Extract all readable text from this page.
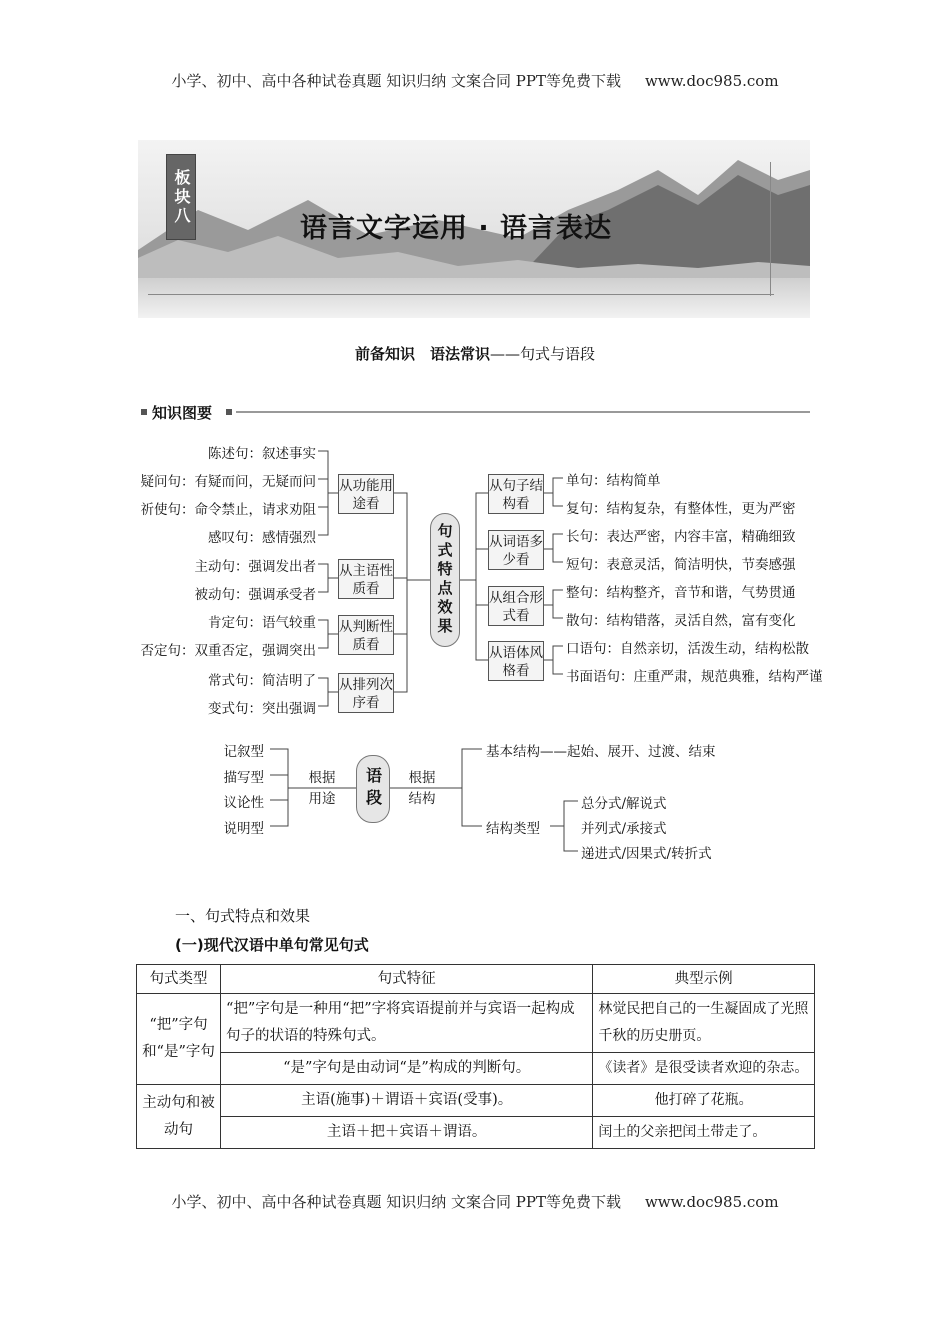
小学、初中、高中各种试卷真题 知识归纳 文案合同 PPT等免费下载 www.doc985.com
板块八
语言文字运用 · 语言表达
前备知识　语法常识——句式与语段
知识图要
陈述句：叙述事实
疑问句：有疑而问，无疑而问
祈使句：命令禁止，请求劝阻
感叹句：感情强烈
主动句：强调发出者
被动句：强调承受者
肯定句：语气较重
否定句：双重否定，强调突出
常式句：简洁明了
变式句：突出强调
从功能用途看
从主语性质看
从判断性质看
从排列次序看
句式特点效果
从句子结构看
从词语多少看
从组合形式看
从语体风格看
单句：结构简单
复句：结构复杂，有整体性，更为严密
长句：表达严密，内容丰富，精确细致
短句：表意灵活，简洁明快，节奏感强
整句：结构整齐，音节和谐，气势贯通
散句：结构错落，灵活自然，富有变化
口语句：自然亲切，活泼生动，结构松散
书面语句：庄重严肃，规范典雅，结构严谨
记叙型
描写型
议论性
说明型
根据用途	语段	根据结构
基本结构——起始、展开、过渡、结束
结构类型
总分式/解说式
并列式/承接式
递进式/因果式/转折式
一、句式特点和效果
(一)现代汉语中单句常见句式
句式类型	句式特征	典型示例
“把”字句和“是”字句	“把”字句是一种用“把”字将宾语提前并与宾语一起构成句子的状语的特殊句式。	林觉民把自己的一生凝固成了光照千秋的历史册页。
	“是”字句是由动词“是”构成的判断句。	《读者》是很受读者欢迎的杂志。
主动句和被动句	主语(施事)＋谓语＋宾语(受事)。	他打碎了花瓶。
	主语＋把＋宾语＋谓语。	闰土的父亲把闰土带走了。
小学、初中、高中各种试卷真题 知识归纳 文案合同 PPT等免费下载 www.doc985.com
